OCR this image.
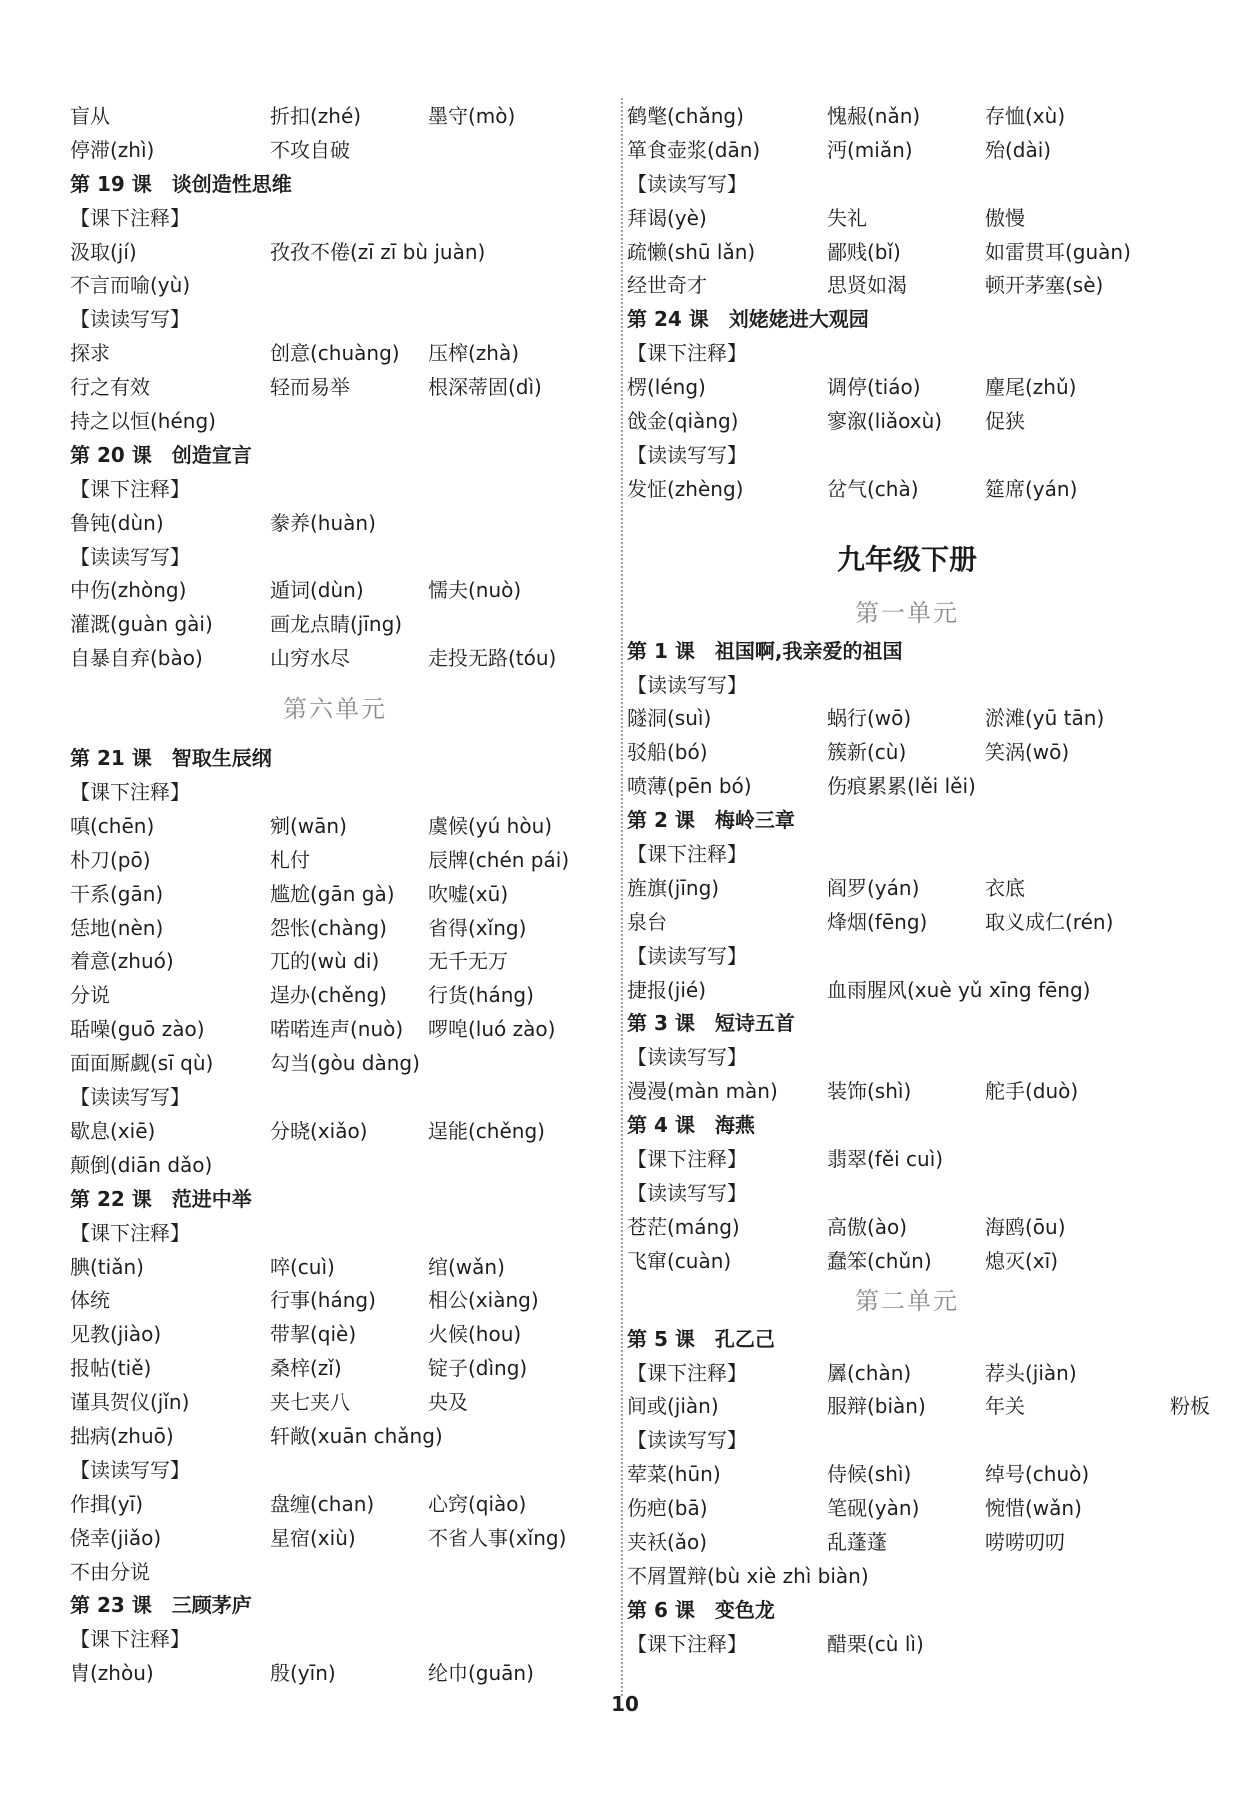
盲从	折扣(zhé)	墨守(mò)
停滞(zhì)	不攻自破
第 19 课　谈创造性思维
【课下注释】
汲取(jí)	孜孜不倦(zī zī bù juàn)
不言而喻(yù)
【读读写写】
探求	创意(chuàng) 压榨(zhà)
行之有效	轻而易举	根深蒂固(dì)
持之以恒(héng)
第 20 课　创造宣言
【课下注释】
鲁钝(dùn)	豢养(huàn)
【读读写写】
中伤(zhòng)	遁词(dùn)	懦夫(nuò)
灌溉(guàn gài)	画龙点睛(jīng)
自暴自弃(bào)	山穷水尽	走投无路(tóu)
第六单元
第 21 课　智取生辰纲
【课下注释】
嗔(chēn)	剜(wān)	虞候(yú hòu)
朴刀(pō)	札付	辰牌(chén pái)
干系(gān)	尴尬(gān gà) 吹嘘(xū)
恁地(nèn)	怨怅(chàng) 省得(xǐng)
着意(zhuó)	兀的(wù di) 无千无万
分说	逞办(chěng) 行货(háng)
聒噪(guō zào)	喏喏连声(nuò) 啰唣(luó zào)
面面厮觑(sī qù)	勾当(gòu dàng)
【读读写写】
歇息(xiē)	分晓(xiǎo)	逞能(chěng)
颠倒(diān dǎo)
第 22 课　范进中举
【课下注释】
腆(tiǎn)	啐(cuì)	绾(wǎn)
体统	行事(háng)	相公(xiàng)
见教(jiào)	带挈(qiè)	火候(hou)
报帖(tiě)	桑梓(zǐ)	锭子(dìng)
谨具贺仪(jǐn)	夹七夹八	央及
拙病(zhuō)	轩敞(xuān chǎng)
【读读写写】
作揖(yī)	盘缠(chan)	心窍(qiào)
侥幸(jiǎo)	星宿(xiù)	不省人事(xǐng)
不由分说
第 23 课　三顾茅庐
【课下注释】
胄(zhòu)	殷(yīn)	纶巾(guān)
鹤氅(chǎng)	愧赧(nǎn)	存恤(xù)
箪食壶浆(dān)	沔(miǎn)	殆(dài)
【读读写写】
拜谒(yè)	失礼	傲慢
疏懒(shū lǎn)	鄙贱(bǐ)	如雷贯耳(guàn)
经世奇才	思贤如渴	顿开茅塞(sè)
第 24 课　刘姥姥进大观园
【课下注释】
楞(léng)	调停(tiáo)	麈尾(zhǔ)
戗金(qiàng)	寥溆(liǎoxù) 促狭
【读读写写】
发怔(zhèng)	岔气(chà)	筵席(yán)
九年级下册
第一单元
第 1 课　祖国啊,我亲爱的祖国
【读读写写】
隧洞(suì)	蜗行(wō)	淤滩(yū tān)
驳船(bó)	簇新(cù)	笑涡(wō)
喷薄(pēn bó)	伤痕累累(lěi lěi)
第 2 课　梅岭三章
【课下注释】
旌旗(jīng)	阎罗(yán)	衣底
泉台	烽烟(fēng)	取义成仁(rén)
【读读写写】
捷报(jié)	血雨腥风(xuè yǔ xīng fēng)
第 3 课　短诗五首
【读读写写】
漫漫(màn màn) 装饰(shì)	舵手(duò)
第 4 课　海燕
【课下注释】	翡翠(fěi cuì)
【读读写写】
苍茫(máng)	高傲(ào)	海鸥(ōu)
飞窜(cuàn)	蠢笨(chǔn)	熄灭(xī)
第二单元
第 5 课　孔乙己
【课下注释】	羼(chàn)	荐头(jiàn)
间或(jiàn)	服辩(biàn)	年关	粉板
【读读写写】
荤菜(hūn)	侍候(shì)	绰号(chuò)
伤疤(bā)	笔砚(yàn)	惋惜(wǎn)
夹袄(ǎo)	乱蓬蓬	唠唠叨叨
不屑置辩(bù xiè zhì biàn)
第 6 课　变色龙
【课下注释】	醋栗(cù lì)
10
